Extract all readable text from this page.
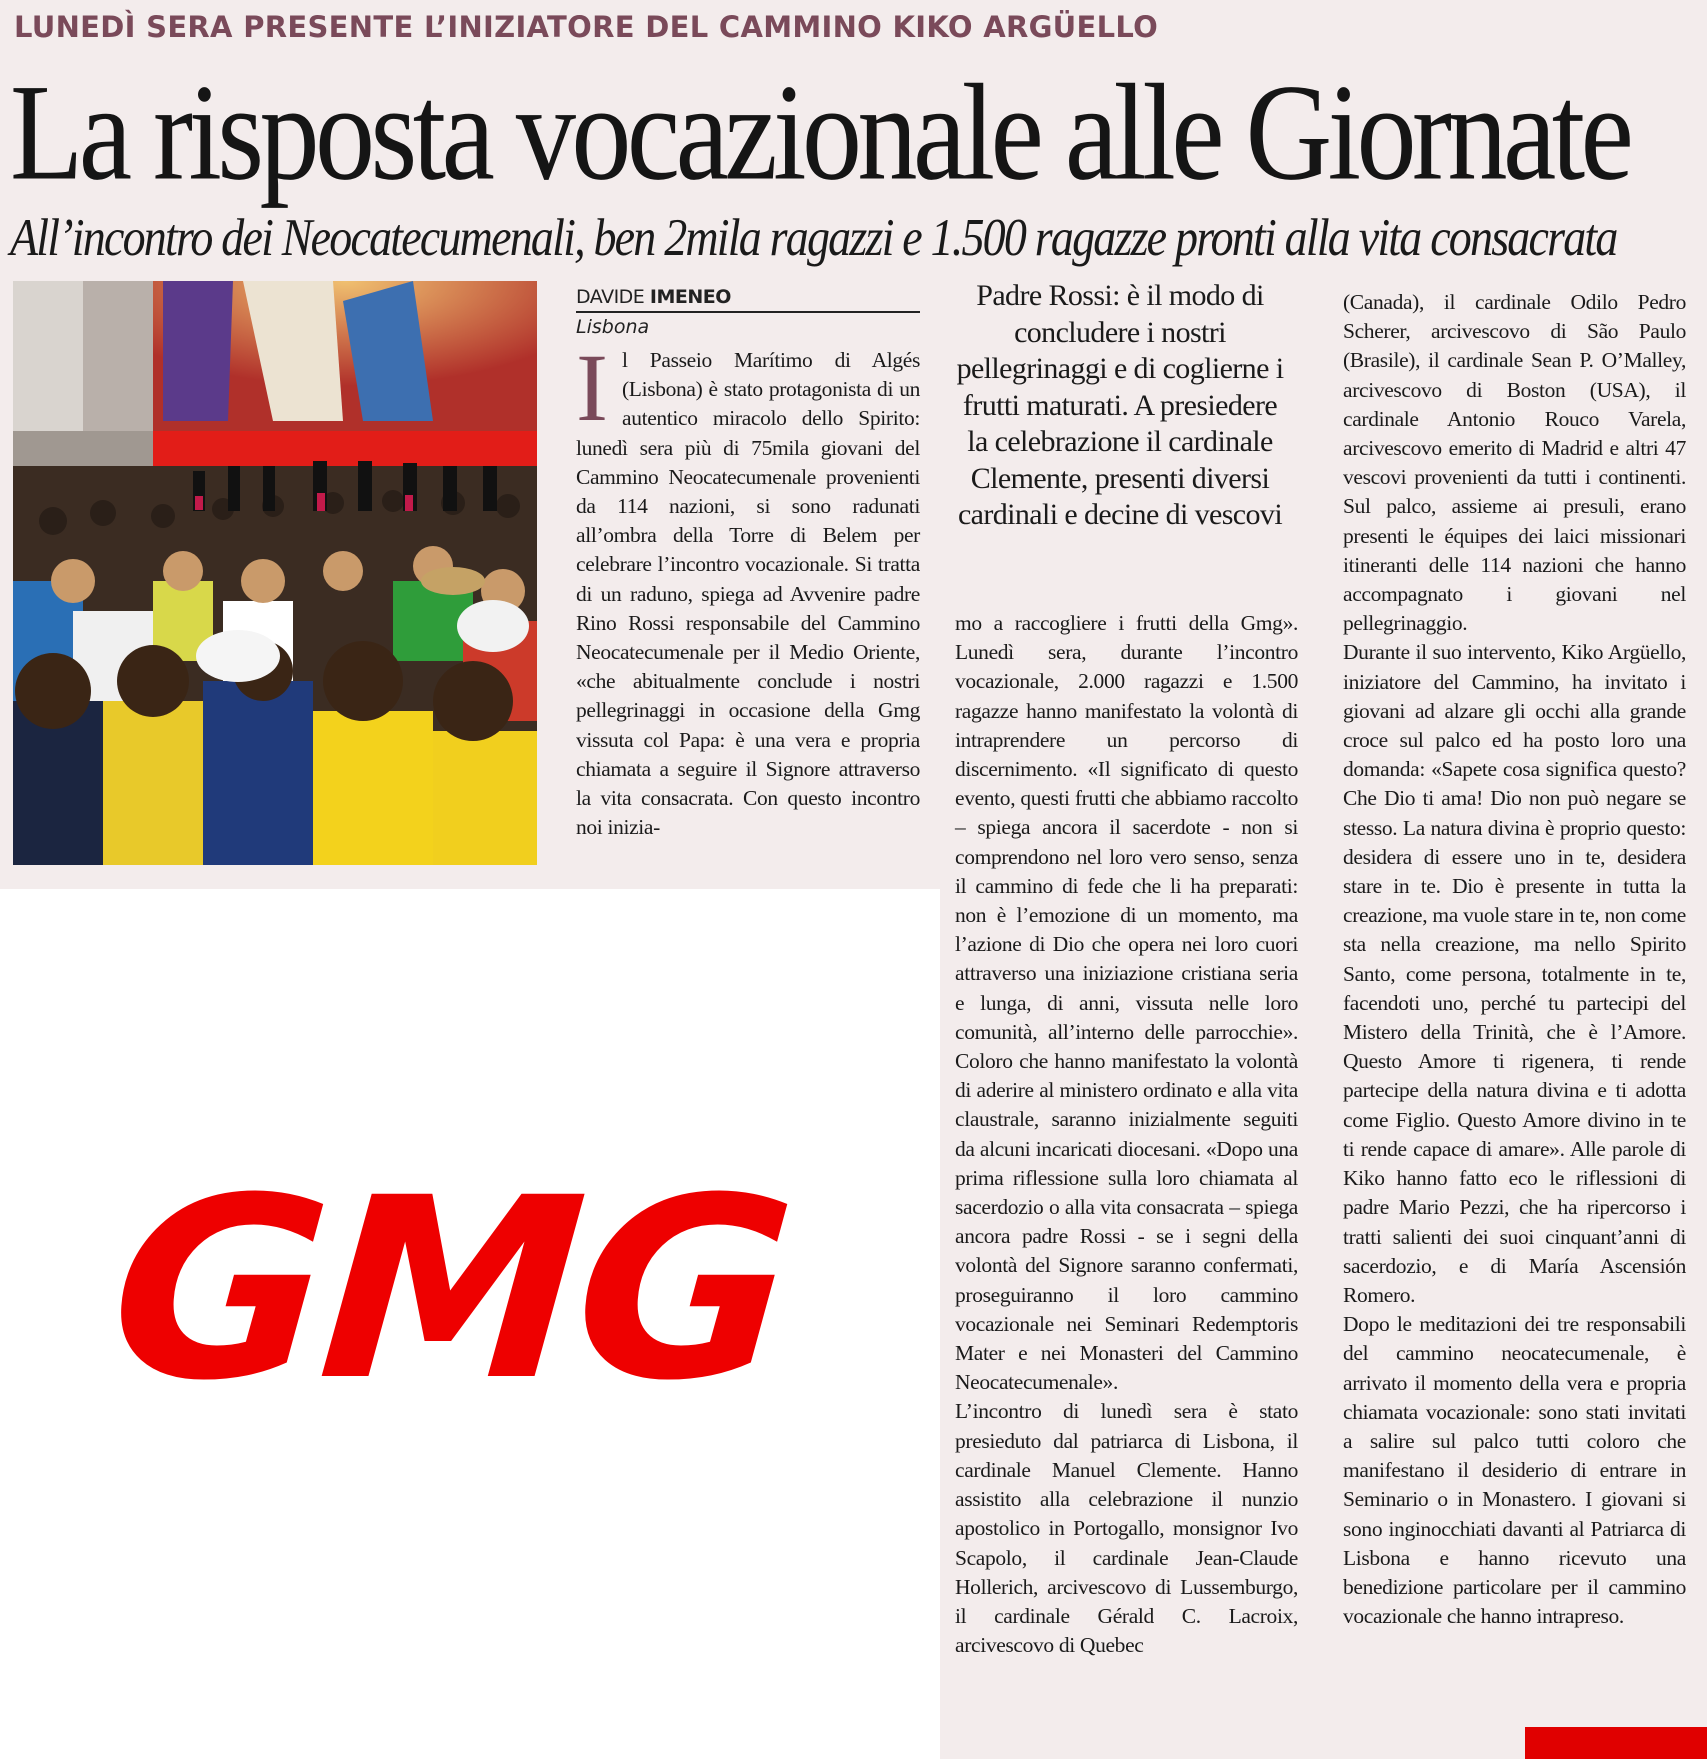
LUNEDÌ SERA PRESENTE L’INIZIATORE DEL CAMMINO KIKO ARGÜELLO
La risposta vocazionale alle Giornate
All’incontro dei Neocatecumenali, ben 2mila ragazzi e 1.500 ragazze pronti alla vita consacrata
DAVIDE IMENEO
Lisbona
I l Passeio Marítimo di Algés (Lisbona) è stato protagonista di un autentico miracolo dello Spirito: lunedì sera più di 75mila giovani del Cammino Neocatecumenale provenienti da 114 nazioni, si sono radunati all’ombra della Torre di Belem per celebrare l’incontro vocazionale. Si tratta di un raduno, spiega ad Avvenire padre Rino Rossi responsabile del Cammino Neocatecumenale per il Medio Oriente, «che abitualmente conclude i nostri pellegrinaggi in occasione della Gmg vissuta col Papa: è una vera e propria chiamata a seguire il Signore attraverso la vita consacrata. Con questo incontro noi inizia-

Padre Rossi: è il modo di concludere i nostri pellegrinaggi e di coglierne i frutti maturati. A presiedere la celebrazione il cardinale Clemente, presenti diversi cardinali e decine di vescovi

mo a raccogliere i frutti della Gmg». Lunedì sera, durante l’incontro vocazionale, 2.000 ragazzi e 1.500 ragazze hanno manifestato la volontà di intraprendere un percorso di discernimento. «Il significato di questo evento, questi frutti che abbiamo raccolto – spiega ancora il sacerdote - non si comprendono nel loro vero senso, senza il cammino di fede che li ha preparati: non è l’emozione di un momento, ma l’azione di Dio che opera nei loro cuori attraverso una iniziazione cristiana seria e lunga, di anni, vissuta nelle loro comunità, all’interno delle parrocchie». Coloro che hanno manifestato la volontà di aderire al ministero ordinato e alla vita claustrale, saranno inizialmente seguiti da alcuni incaricati diocesani. «Dopo una prima riflessione sulla loro chiamata al sacerdozio o alla vita consacrata – spiega ancora padre Rossi - se i segni della volontà del Signore saranno confermati, proseguiranno il loro cammino vocazionale nei Seminari Redemptoris Mater e nei Monasteri del Cammino Neocatecumenale».

L’incontro di lunedì sera è stato presieduto dal patriarca di Lisbona, il cardinale Manuel Clemente. Hanno assistito alla celebrazione il nunzio apostolico in Portogallo, monsignor Ivo Scapolo, il cardinale Jean-Claude Hollerich, arcivescovo di Lussemburgo, il cardinale Gérald C. Lacroix, arcivescovo di Quebec

(Canada), il cardinale Odilo Pedro Scherer, arcivescovo di São Paulo (Brasile), il cardinale Sean P. O’Malley, arcivescovo di Boston (USA), il cardinale Antonio Rouco Varela, arcivescovo emerito di Madrid e altri 47 vescovi provenienti da tutti i continenti. Sul palco, assieme ai presuli, erano presenti le équipes dei laici missionari itineranti delle 114 nazioni che hanno accompagnato i giovani nel pellegrinaggio.

Durante il suo intervento, Kiko Argüello, iniziatore del Cammino, ha invitato i giovani ad alzare gli occhi alla grande croce sul palco ed ha posto loro una domanda: «Sapete cosa significa questo? Che Dio ti ama! Dio non può negare se stesso. La natura divina è proprio questo: desidera di essere uno in te, desidera stare in te. Dio è presente in tutta la creazione, ma vuole stare in te, non come sta nella creazione, ma nello Spirito Santo, come persona, totalmente in te, facendoti uno, perché tu partecipi del Mistero della Trinità, che è l’Amore. Questo Amore ti rigenera, ti rende partecipe della natura divina e ti adotta come Figlio. Questo Amore divino in te ti rende capace di amare». Alle parole di Kiko hanno fatto eco le riflessioni di padre Mario Pezzi, che ha ripercorso i tratti salienti dei suoi cinquant’anni di sacerdozio, e di María Ascensión Romero.

Dopo le meditazioni dei tre responsabili del cammino neocatecumenale, è arrivato il momento della vera e propria chiamata vocazionale: sono stati invitati a salire sul palco tutti coloro che manifestano il desiderio di entrare in Seminario o in Monastero. I giovani si sono inginocchiati davanti al Patriarca di Lisbona e hanno ricevuto una benedizione particolare per il cammino vocazionale che hanno intrapreso.

GMG
